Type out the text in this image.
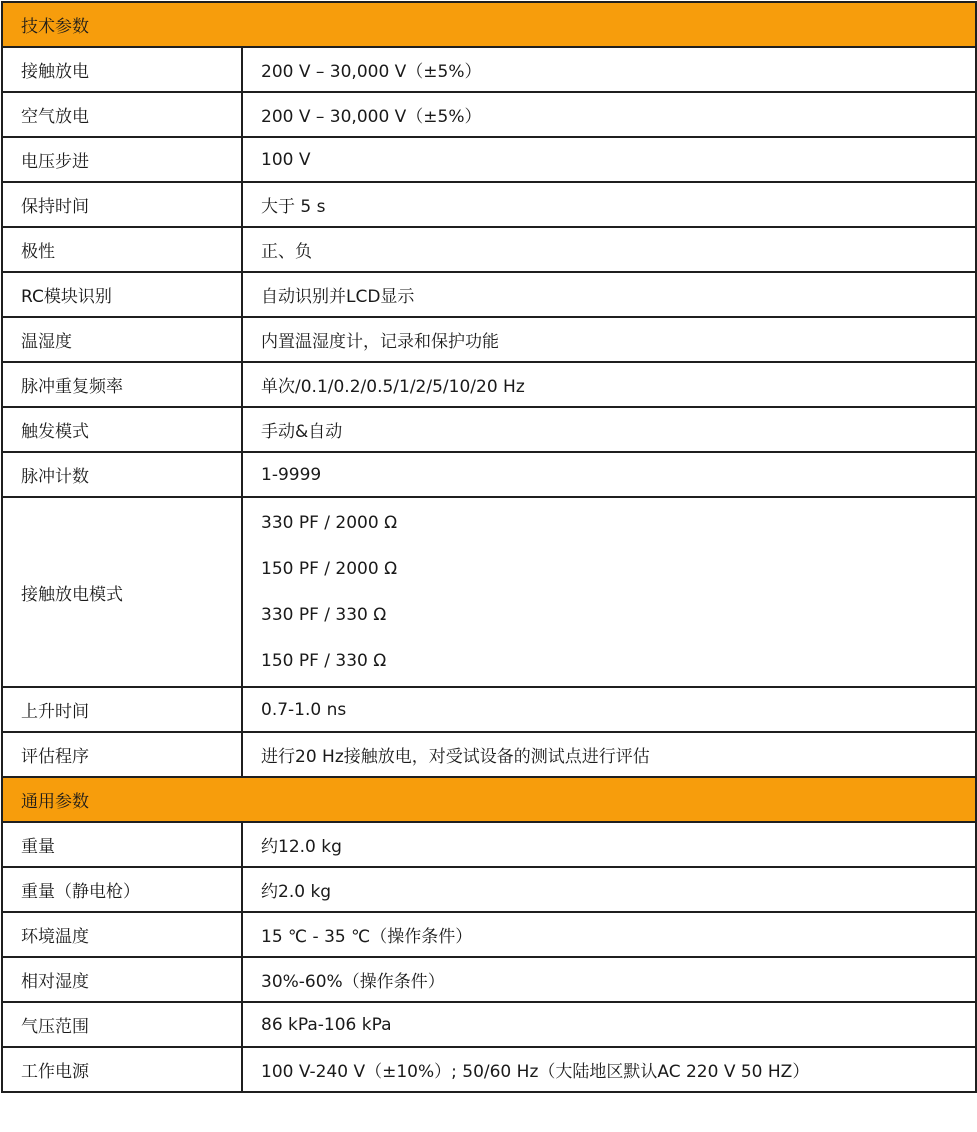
技术参数	
接触放电	200 V – 30,000 V（±5%）
空气放电	200 V – 30,000 V（±5%）
电压步进	100 V
保持时间	大于 5 s
极性	正、负
RC模块识别	自动识别并LCD显示
温湿度	内置温湿度计，记录和保护功能
脉冲重复频率	单次/0.1/0.2/0.5/1/2/5/10/20 Hz
触发模式	手动&自动
脉冲计数	1-9999
接触放电模式	330 PF / 2000 Ω
150 PF / 2000 Ω
330 PF / 330 Ω
150 PF / 330 Ω

上升时间	0.7-1.0 ns
评估程序	进行20 Hz接触放电，对受试设备的测试点进行评估
通用参数	
重量	约12.0 kg
重量（静电枪）	约2.0 kg
环境温度	15 ℃ - 35 ℃（操作条件）
相对湿度	30%-60%（操作条件）
气压范围	86 kPa-106 kPa
工作电源	100 V-240 V（±10%）; 50/60 Hz（大陆地区默认AC 220 V 50 HZ）
